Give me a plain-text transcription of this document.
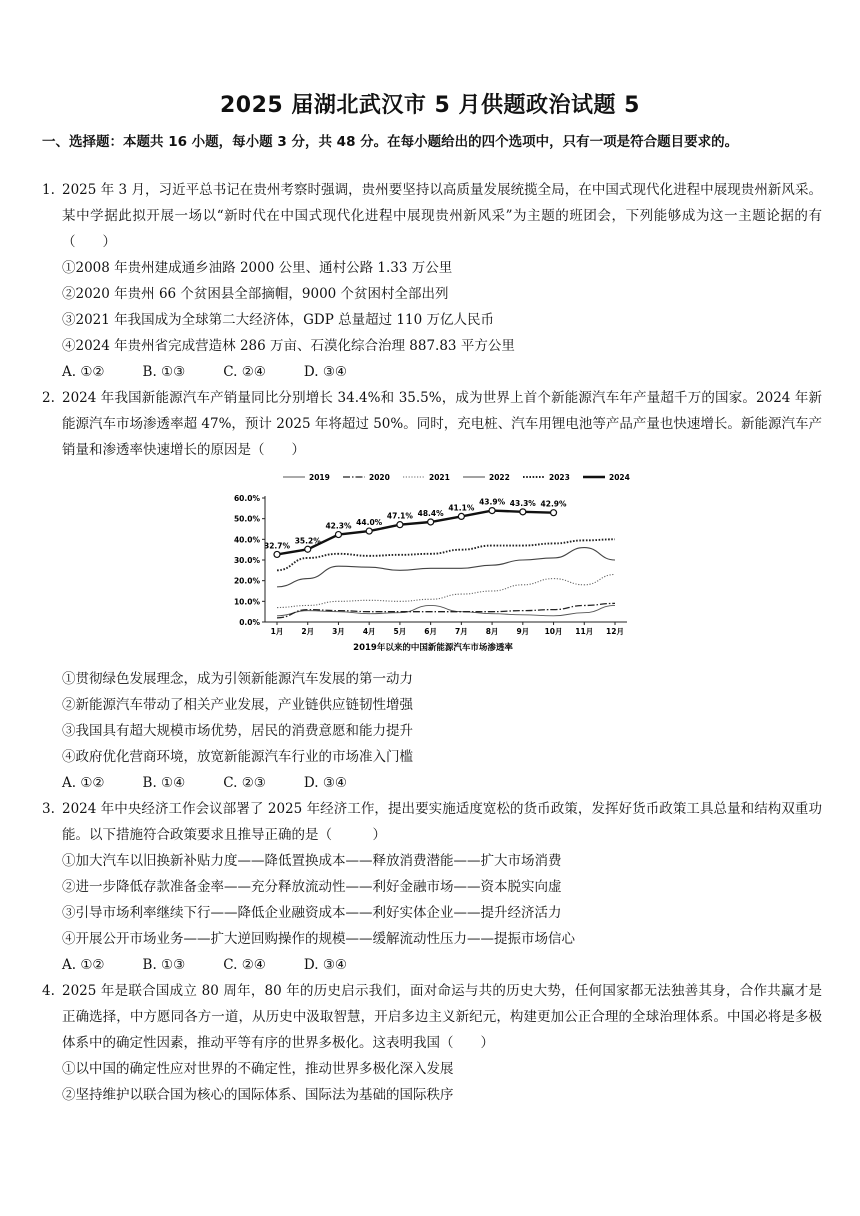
2025 届湖北武汉市 5 月供题政治试题 5
一、选择题：本题共 16 小题，每小题 3 分，共 48 分。在每小题给出的四个选项中，只有一项是符合题目要求的。
1. 2025 年 3 月，习近平总书记在贵州考察时强调，贵州要坚持以高质量发展统揽全局，在中国式现代化进程中展现贵州新风采。某中学据此拟开展一场以“新时代在中国式现代化进程中展现贵州新风采”为主题的班团会，下列能够成为这一主题论据的有（　　）
①2008 年贵州建成通乡油路 2000 公里、通村公路 1.33 万公里
②2020 年贵州 66 个贫困县全部摘帽，9000 个贫困村全部出列
③2021 年我国成为全球第二大经济体，GDP 总量超过 110 万亿人民币
④2024 年贵州省完成营造林 286 万亩、石漠化综合治理 887.83 平方公里
A. ①②	B. ①③	C. ②④	D. ③④
2. 2024 年我国新能源汽车产销量同比分别增长 34.4%和 35.5%，成为世界上首个新能源汽车年产量超千万的国家。2024 年新能源汽车市场渗透率超 47%，预计 2025 年将超过 50%。同时，充电桩、汽车用锂电池等产品产量也快速增长。新能源汽车产销量和渗透率快速增长的原因是（　　）
2019	2020	2021	2022	2023	2024
0.0%
10.0%
20.0%
30.0%
40.0%
50.0%
60.0%
1月 2月 3月 4月 5月 6月 7月 8月 9月 10月 11月 12月
32.7%
35.2%
42.3% 44.0%
47.1% 48.4%
41.1%
43.9% 43.3% 42.9%
2019年以来的中国新能源汽车市场渗透率
①贯彻绿色发展理念，成为引领新能源汽车发展的第一动力
②新能源汽车带动了相关产业发展，产业链供应链韧性增强
③我国具有超大规模市场优势，居民的消费意愿和能力提升
④政府优化营商环境，放宽新能源汽车行业的市场准入门槛
A. ①②	B. ①④	C. ②③	D. ③④
3. 2024 年中央经济工作会议部署了 2025 年经济工作，提出要实施适度宽松的货币政策，发挥好货币政策工具总量和结构双重功能。以下措施符合政策要求且推导正确的是（　　　）
①加大汽车以旧换新补贴力度——降低置换成本——释放消费潜能——扩大市场消费
②进一步降低存款准备金率——充分释放流动性——利好金融市场——资本脱实向虚
③引导市场利率继续下行——降低企业融资成本——利好实体企业——提升经济活力
④开展公开市场业务——扩大逆回购操作的规模——缓解流动性压力——提振市场信心
A. ①②	B. ①③	C. ②④	D. ③④
4. 2025 年是联合国成立 80 周年，80 年的历史启示我们，面对命运与共的历史大势，任何国家都无法独善其身，合作共赢才是正确选择，中方愿同各方一道，从历史中汲取智慧，开启多边主义新纪元，构建更加公正合理的全球治理体系。中国必将是多极体系中的确定性因素，推动平等有序的世界多极化。这表明我国（　　）
①以中国的确定性应对世界的不确定性，推动世界多极化深入发展
②坚持维护以联合国为核心的国际体系、国际法为基础的国际秩序
